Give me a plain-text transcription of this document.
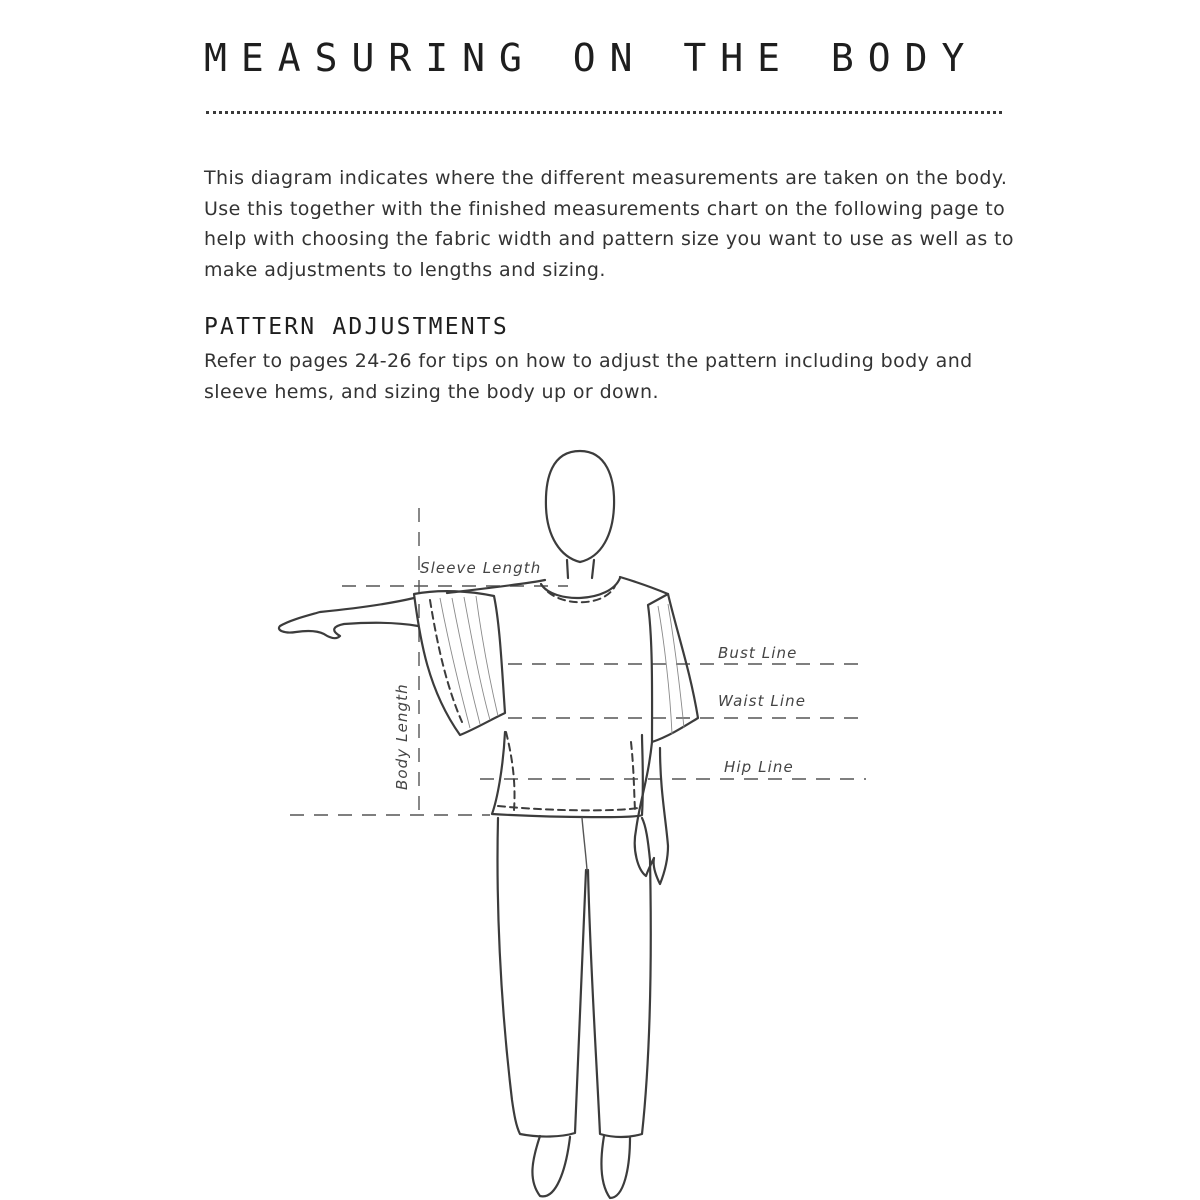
MEASURING ON THE BODY

This diagram indicates where the different measurements are taken on the body. Use this together with the finished measurements chart on the following page to help with choosing the fabric width and pattern size you want to use as well as to make adjustments to lengths and sizing.

PATTERN ADJUSTMENTS

Refer to pages 24-26 for tips on how to adjust the pattern including body and sleeve hems, and sizing the body up or down.

Sleeve Length
Body Length
Bust Line
Waist Line
Hip Line
